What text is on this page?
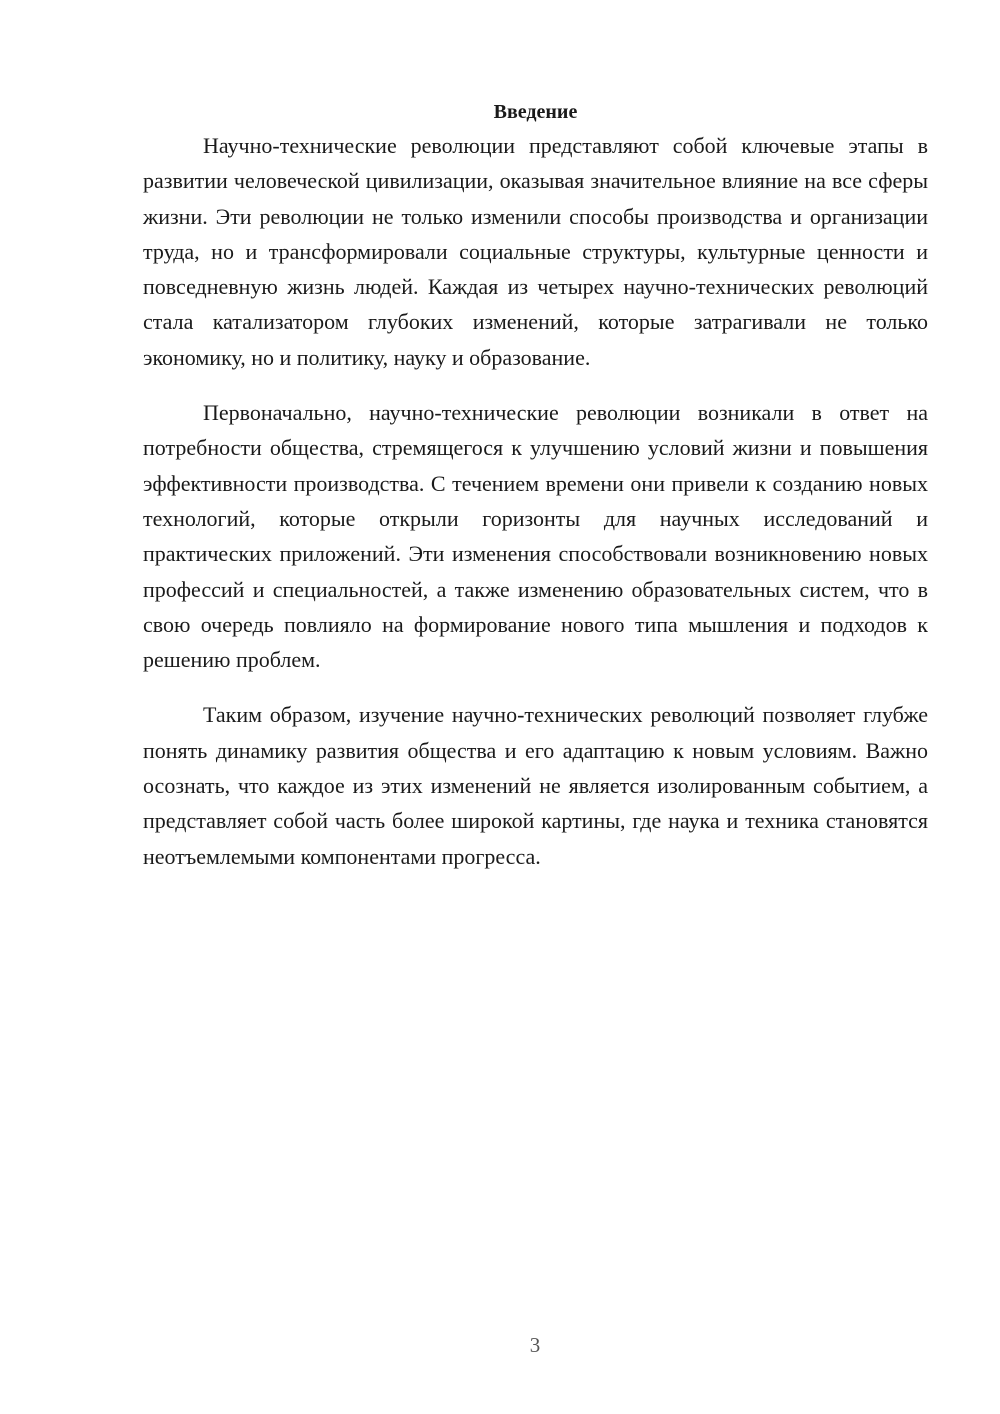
Введение

Научно-технические революции представляют собой ключевые этапы в развитии человеческой цивилизации, оказывая значительное влияние на все сферы жизни. Эти революции не только изменили способы производства и организации труда, но и трансформировали социальные структуры, культурные ценности и повседневную жизнь людей. Каждая из четырех научно-технических революций стала катализатором глубоких изменений, которые затрагивали не только экономику, но и политику, науку и образование.

Первоначально, научно-технические революции возникали в ответ на потребности общества, стремящегося к улучшению условий жизни и повышения эффективности производства. С течением времени они привели к созданию новых технологий, которые открыли горизонты для научных исследований и практических приложений. Эти изменения способствовали возникновению новых профессий и специальностей, а также изменению образовательных систем, что в свою очередь повлияло на формирование нового типа мышления и подходов к решению проблем.

Таким образом, изучение научно-технических революций позволяет глубже понять динамику развития общества и его адаптацию к новым условиям. Важно осознать, что каждое из этих изменений не является изолированным событием, а представляет собой часть более широкой картины, где наука и техника становятся неотъемлемыми компонентами прогресса.

3
